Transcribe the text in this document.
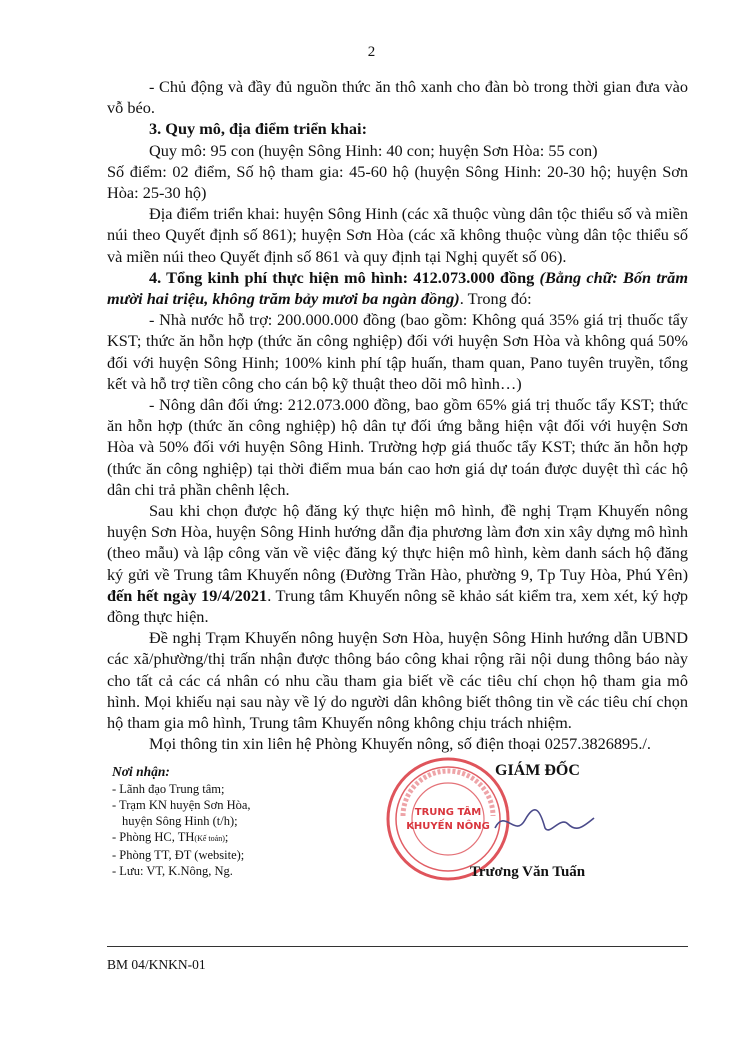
2

- Chủ động và đầy đủ nguồn thức ăn thô xanh cho đàn bò trong thời gian đưa vào vỗ béo.

3. Quy mô, địa điểm triển khai:

Quy mô: 95 con (huyện Sông Hinh: 40 con; huyện Sơn Hòa: 55 con)

Số điểm: 02 điểm, Số hộ tham gia: 45-60 hộ (huyện Sông Hinh: 20-30 hộ; huyện Sơn Hòa: 25-30 hộ)

Địa điểm triển khai: huyện Sông Hinh (các xã thuộc vùng dân tộc thiểu số và miền núi theo Quyết định số 861); huyện Sơn Hòa (các xã không thuộc vùng dân tộc thiểu số và miền núi theo Quyết định số 861 và quy định tại Nghị quyết số 06).

4. Tổng kinh phí thực hiện mô hình: 412.073.000 đồng (Bằng chữ: Bốn trăm mười hai triệu, không trăm bảy mươi ba ngàn đồng). Trong đó:

- Nhà nước hỗ trợ: 200.000.000 đồng (bao gồm: Không quá 35% giá trị thuốc tẩy KST; thức ăn hỗn hợp (thức ăn công nghiệp) đối với huyện Sơn Hòa và không quá 50% đối với huyện Sông Hinh; 100% kinh phí tập huấn, tham quan, Pano tuyên truyền, tổng kết và hỗ trợ tiền công cho cán bộ kỹ thuật theo dõi mô hình…)

- Nông dân đối ứng: 212.073.000 đồng, bao gồm 65% giá trị thuốc tẩy KST; thức ăn hỗn hợp (thức ăn công nghiệp) hộ dân tự đối ứng bằng hiện vật đối với huyện Sơn Hòa và 50% đối với huyện Sông Hinh. Trường hợp giá thuốc tẩy KST; thức ăn hỗn hợp (thức ăn công nghiệp) tại thời điểm mua bán cao hơn giá dự toán được duyệt thì các hộ dân chi trả phần chênh lệch.

Sau khi chọn được hộ đăng ký thực hiện mô hình, đề nghị Trạm Khuyến nông huyện Sơn Hòa, huyện Sông Hinh hướng dẫn địa phương làm đơn xin xây dựng mô hình (theo mẫu) và lập công văn về việc đăng ký thực hiện mô hình, kèm danh sách hộ đăng ký gửi về Trung tâm Khuyến nông (Đường Trần Hào, phường 9, Tp Tuy Hòa, Phú Yên) đến hết ngày 19/4/2021. Trung tâm Khuyến nông sẽ khảo sát kiểm tra, xem xét, ký hợp đồng thực hiện.

Đề nghị Trạm Khuyến nông huyện Sơn Hòa, huyện Sông Hinh hướng dẫn UBND các xã/phường/thị trấn nhận được thông báo công khai rộng rãi nội dung thông báo này cho tất cả các cá nhân có nhu cầu tham gia biết về các tiêu chí chọn hộ tham gia mô hình. Mọi khiếu nại sau này về lý do người dân không biết thông tin về các tiêu chí chọn hộ tham gia mô hình, Trung tâm Khuyến nông không chịu trách nhiệm.

Mọi thông tin xin liên hệ Phòng Khuyến nông, số điện thoại 0257.3826895./.

Nơi nhận:
- Lãnh đạo Trung tâm;
- Trạm KN huyện Sơn Hòa,
huyện Sông Hinh (t/h);
- Phòng HC, TH(Kế toán);
- Phòng TT, ĐT (website);
- Lưu: VT, K.Nông, Ng.
TRUNG TÂM
KHUYẾN NÔNG
GIÁM ĐỐC
Trương Văn Tuấn
BM 04/KNKN-01
